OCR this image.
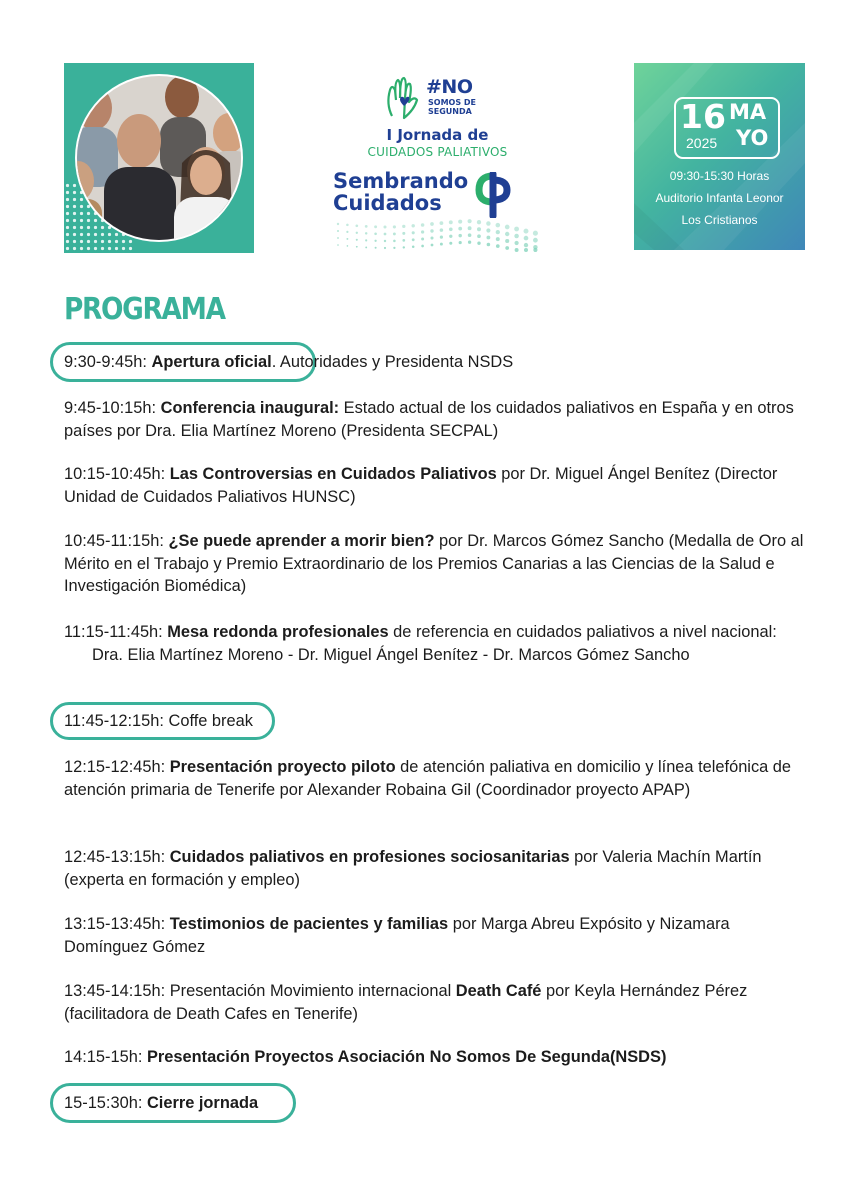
#NO
SOMOS DE SEGUNDA
I Jornada de
CUIDADOS PALIATIVOS
Sembrando
Cuidados
16
2025
MA
YO
09:30-15:30 Horas
Auditorio Infanta Leonor
Los Cristianos
PROGRAMA
9:30-9:45h: Apertura oficial. Autoridades y Presidenta NSDS
9:45-10:15h: Conferencia inaugural: Estado actual de los cuidados paliativos en España y en otros países por Dra. Elia Martínez Moreno (Presidenta SECPAL)
10:15-10:45h: Las Controversias en Cuidados Paliativos por Dr. Miguel Ángel Benítez (Director Unidad de Cuidados Paliativos HUNSC)
10:45-11:15h: ¿Se puede aprender a morir bien? por Dr. Marcos Gómez Sancho (Medalla de Oro al Mérito en el Trabajo y Premio Extraordinario de los Premios Canarias a las Ciencias de la Salud e Investigación Biomédica)
11:15-11:45h: Mesa redonda profesionales de referencia en cuidados paliativos a nivel nacional:
Dra. Elia Martínez Moreno - Dr. Miguel Ángel Benítez - Dr. Marcos Gómez Sancho
11:45-12:15h: Coffe break
12:15-12:45h: Presentación proyecto piloto de atención paliativa en domicilio y línea telefónica de atención primaria de Tenerife por Alexander Robaina Gil (Coordinador proyecto APAP)
12:45-13:15h: Cuidados paliativos en profesiones sociosanitarias por Valeria Machín Martín (experta en formación y empleo)
13:15-13:45h: Testimonios de pacientes y familias por Marga Abreu Expósito y Nizamara Domínguez Gómez
13:45-14:15h: Presentación Movimiento internacional Death Café por Keyla Hernández Pérez (facilitadora de Death Cafes en Tenerife)
14:15-15h: Presentación Proyectos Asociación No Somos De Segunda(NSDS)
15-15:30h: Cierre jornada
